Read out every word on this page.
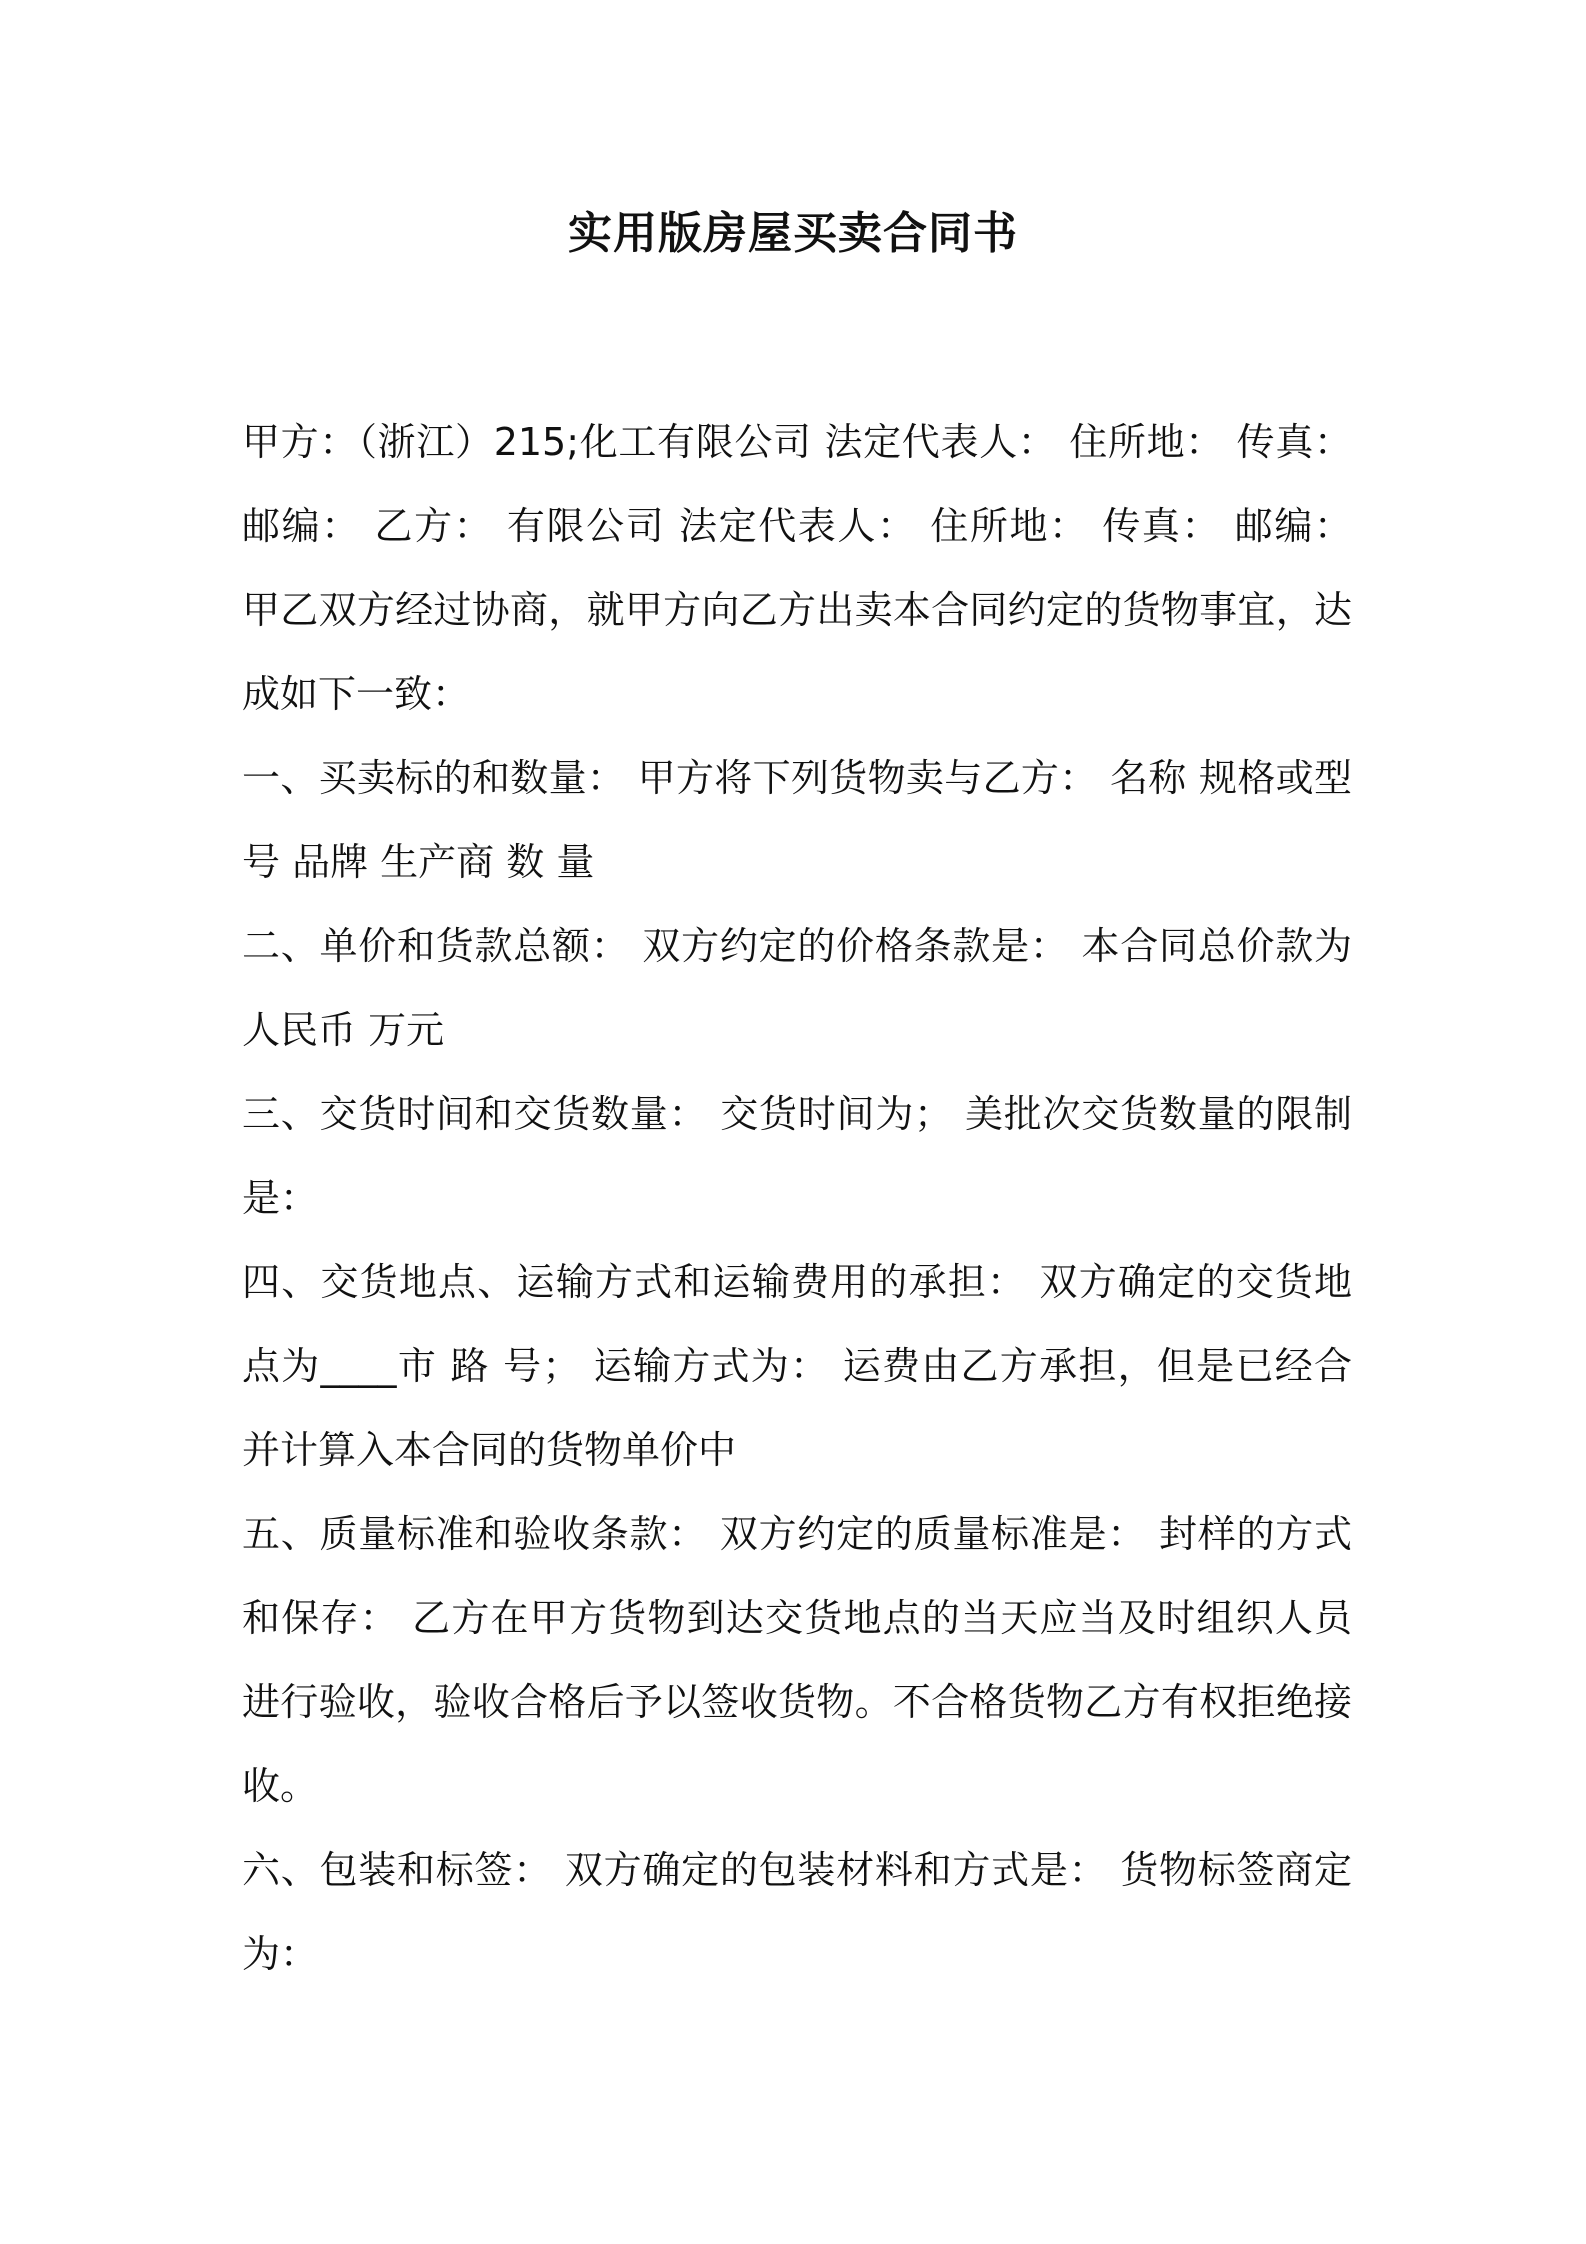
实用版房屋买卖合同书

甲方：（浙江）215;化工有限公司 法定代表人： 住所地： 传真： 邮编： 乙方： 有限公司 法定代表人： 住所地： 传真： 邮编： 甲乙双方经过协商，就甲方向乙方出卖本合同约定的货物事宜，达成如下一致：

一、买卖标的和数量： 甲方将下列货物卖与乙方： 名称 规格或型号 品牌 生产商 数 量

二、单价和货款总额： 双方约定的价格条款是： 本合同总价款为人民币 万元

三、交货时间和交货数量： 交货时间为； 美批次交货数量的限制是：

四、交货地点、运输方式和运输费用的承担： 双方确定的交货地点为____市 路 号； 运输方式为： 运费由乙方承担，但是已经合并计算入本合同的货物单价中

五、质量标准和验收条款： 双方约定的质量标准是： 封样的方式和保存： 乙方在甲方货物到达交货地点的当天应当及时组织人员进行验收，验收合格后予以签收货物。不合格货物乙方有权拒绝接收。

六、包装和标签： 双方确定的包装材料和方式是： 货物标签商定为：
